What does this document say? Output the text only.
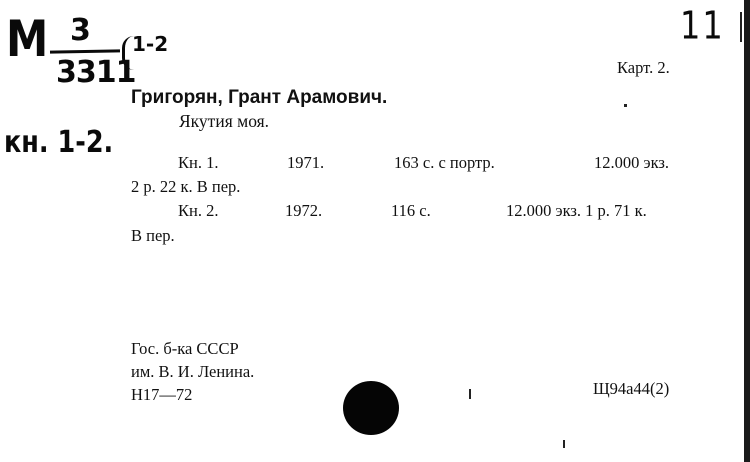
М 3
3311
1-2
кн. 1-2.
11
Карт. 2.
Григорян, Грант Арамович.
Якутия моя.
Кн. 1.	1971.	163 с. с портр.	12.000 экз.
2 р. 22 к. В пер.
Кн. 2.	1972.	116 с.	12.000 экз. 1 р. 71 к.
В пер.
Гос. б-ка СССР
им. В. И. Ленина.
Н17—72	Щ94а44(2)
